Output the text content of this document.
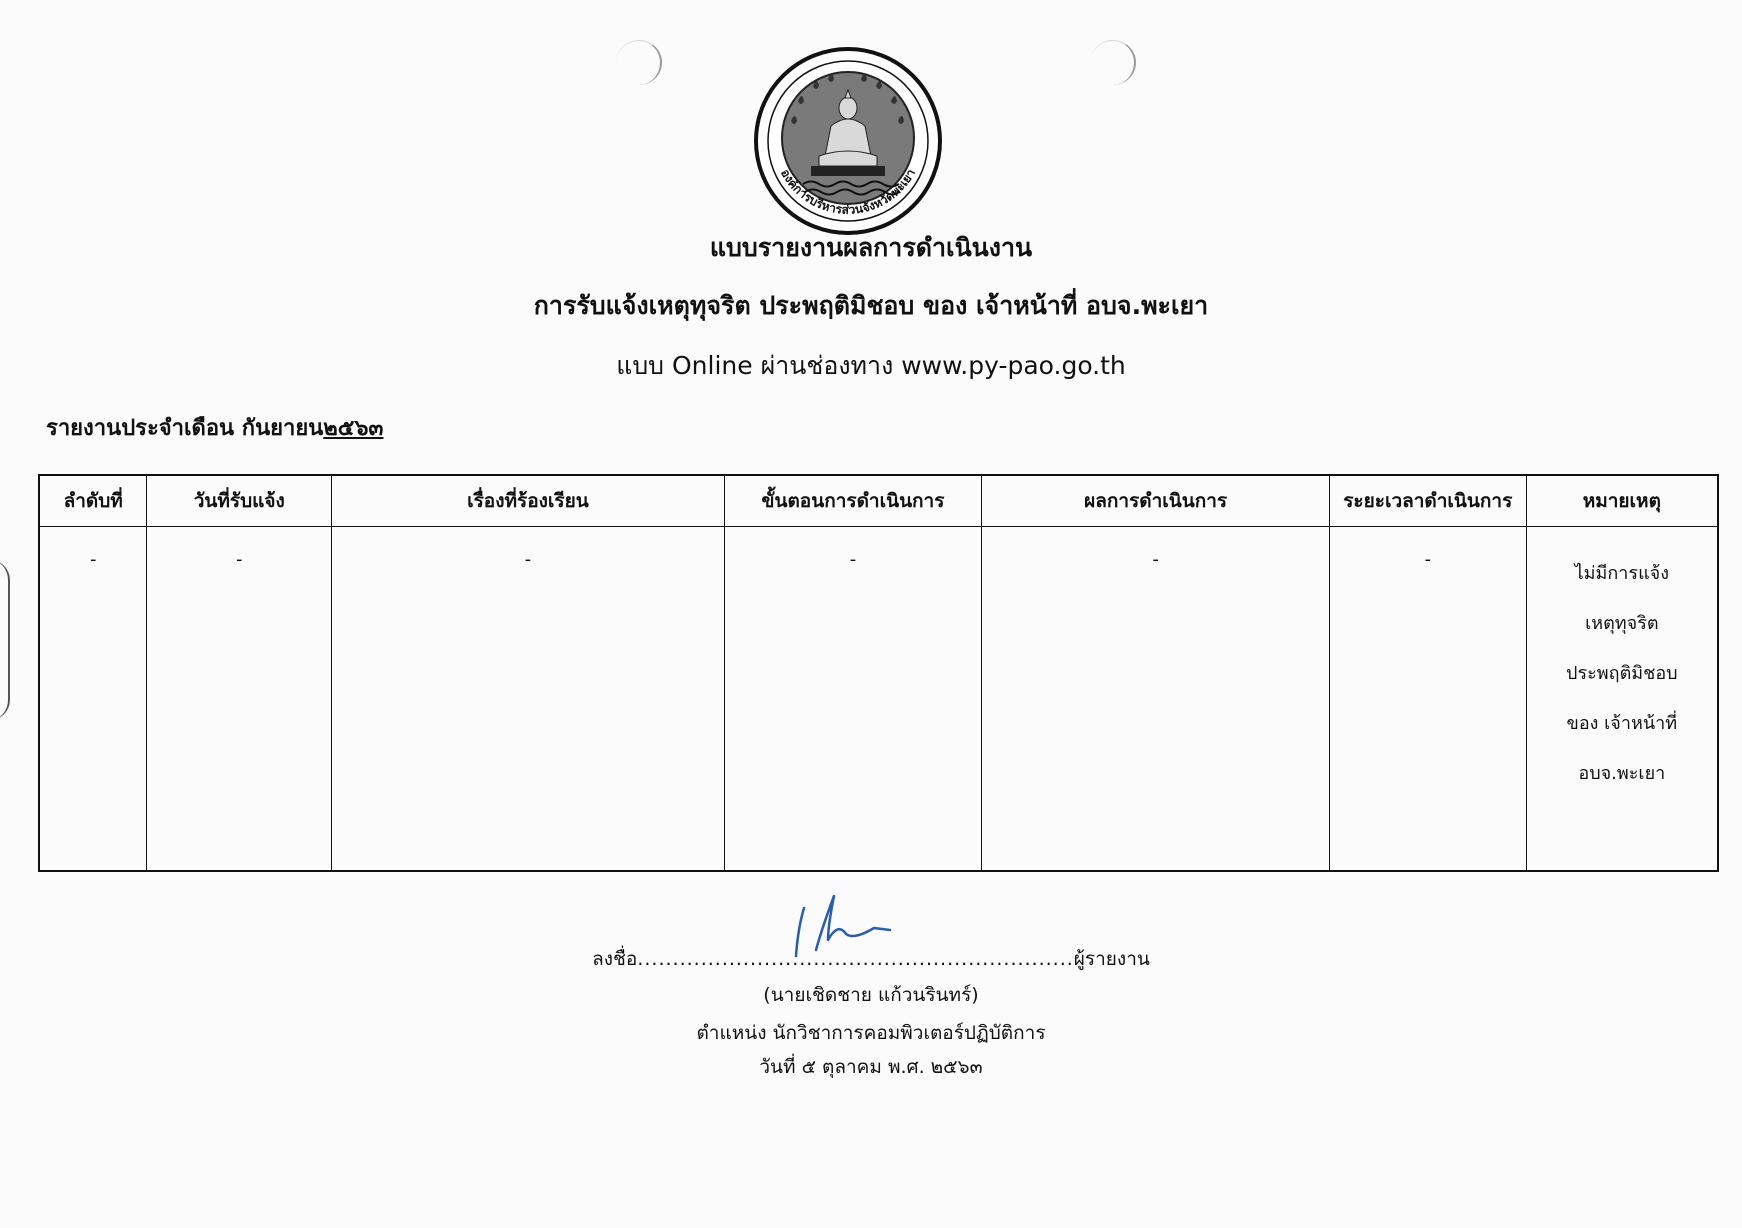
องค์การบริหารส่วนจังหวัดพะเยา
แบบรายงานผลการดำเนินงาน
การรับแจ้งเหตุทุจริต ประพฤติมิชอบ ของ เจ้าหน้าที่ อบจ.พะเยา
แบบ Online ผ่านช่องทาง www.py-pao.go.th
รายงานประจำเดือน กันยายน๒๕๖๓
ลำดับที่	วันที่รับแจ้ง	เรื่องที่ร้องเรียน	ขั้นตอนการดำเนินการ	ผลการดำเนินการ	ระยะเวลาดำเนินการ	หมายเหตุ
-	-	-	-	-	-	ไม่มีการแจ้ง
เหตุทุจริต
ประพฤติมิชอบ
ของ เจ้าหน้าที่
อบจ.พะเยา
ลงชื่อ..............................................................ผู้รายงาน
(นายเชิดชาย แก้วนรินทร์)
ตำแหน่ง นักวิชาการคอมพิวเตอร์ปฏิบัติการ
วันที่ ๕ ตุลาคม พ.ศ. ๒๕๖๓
